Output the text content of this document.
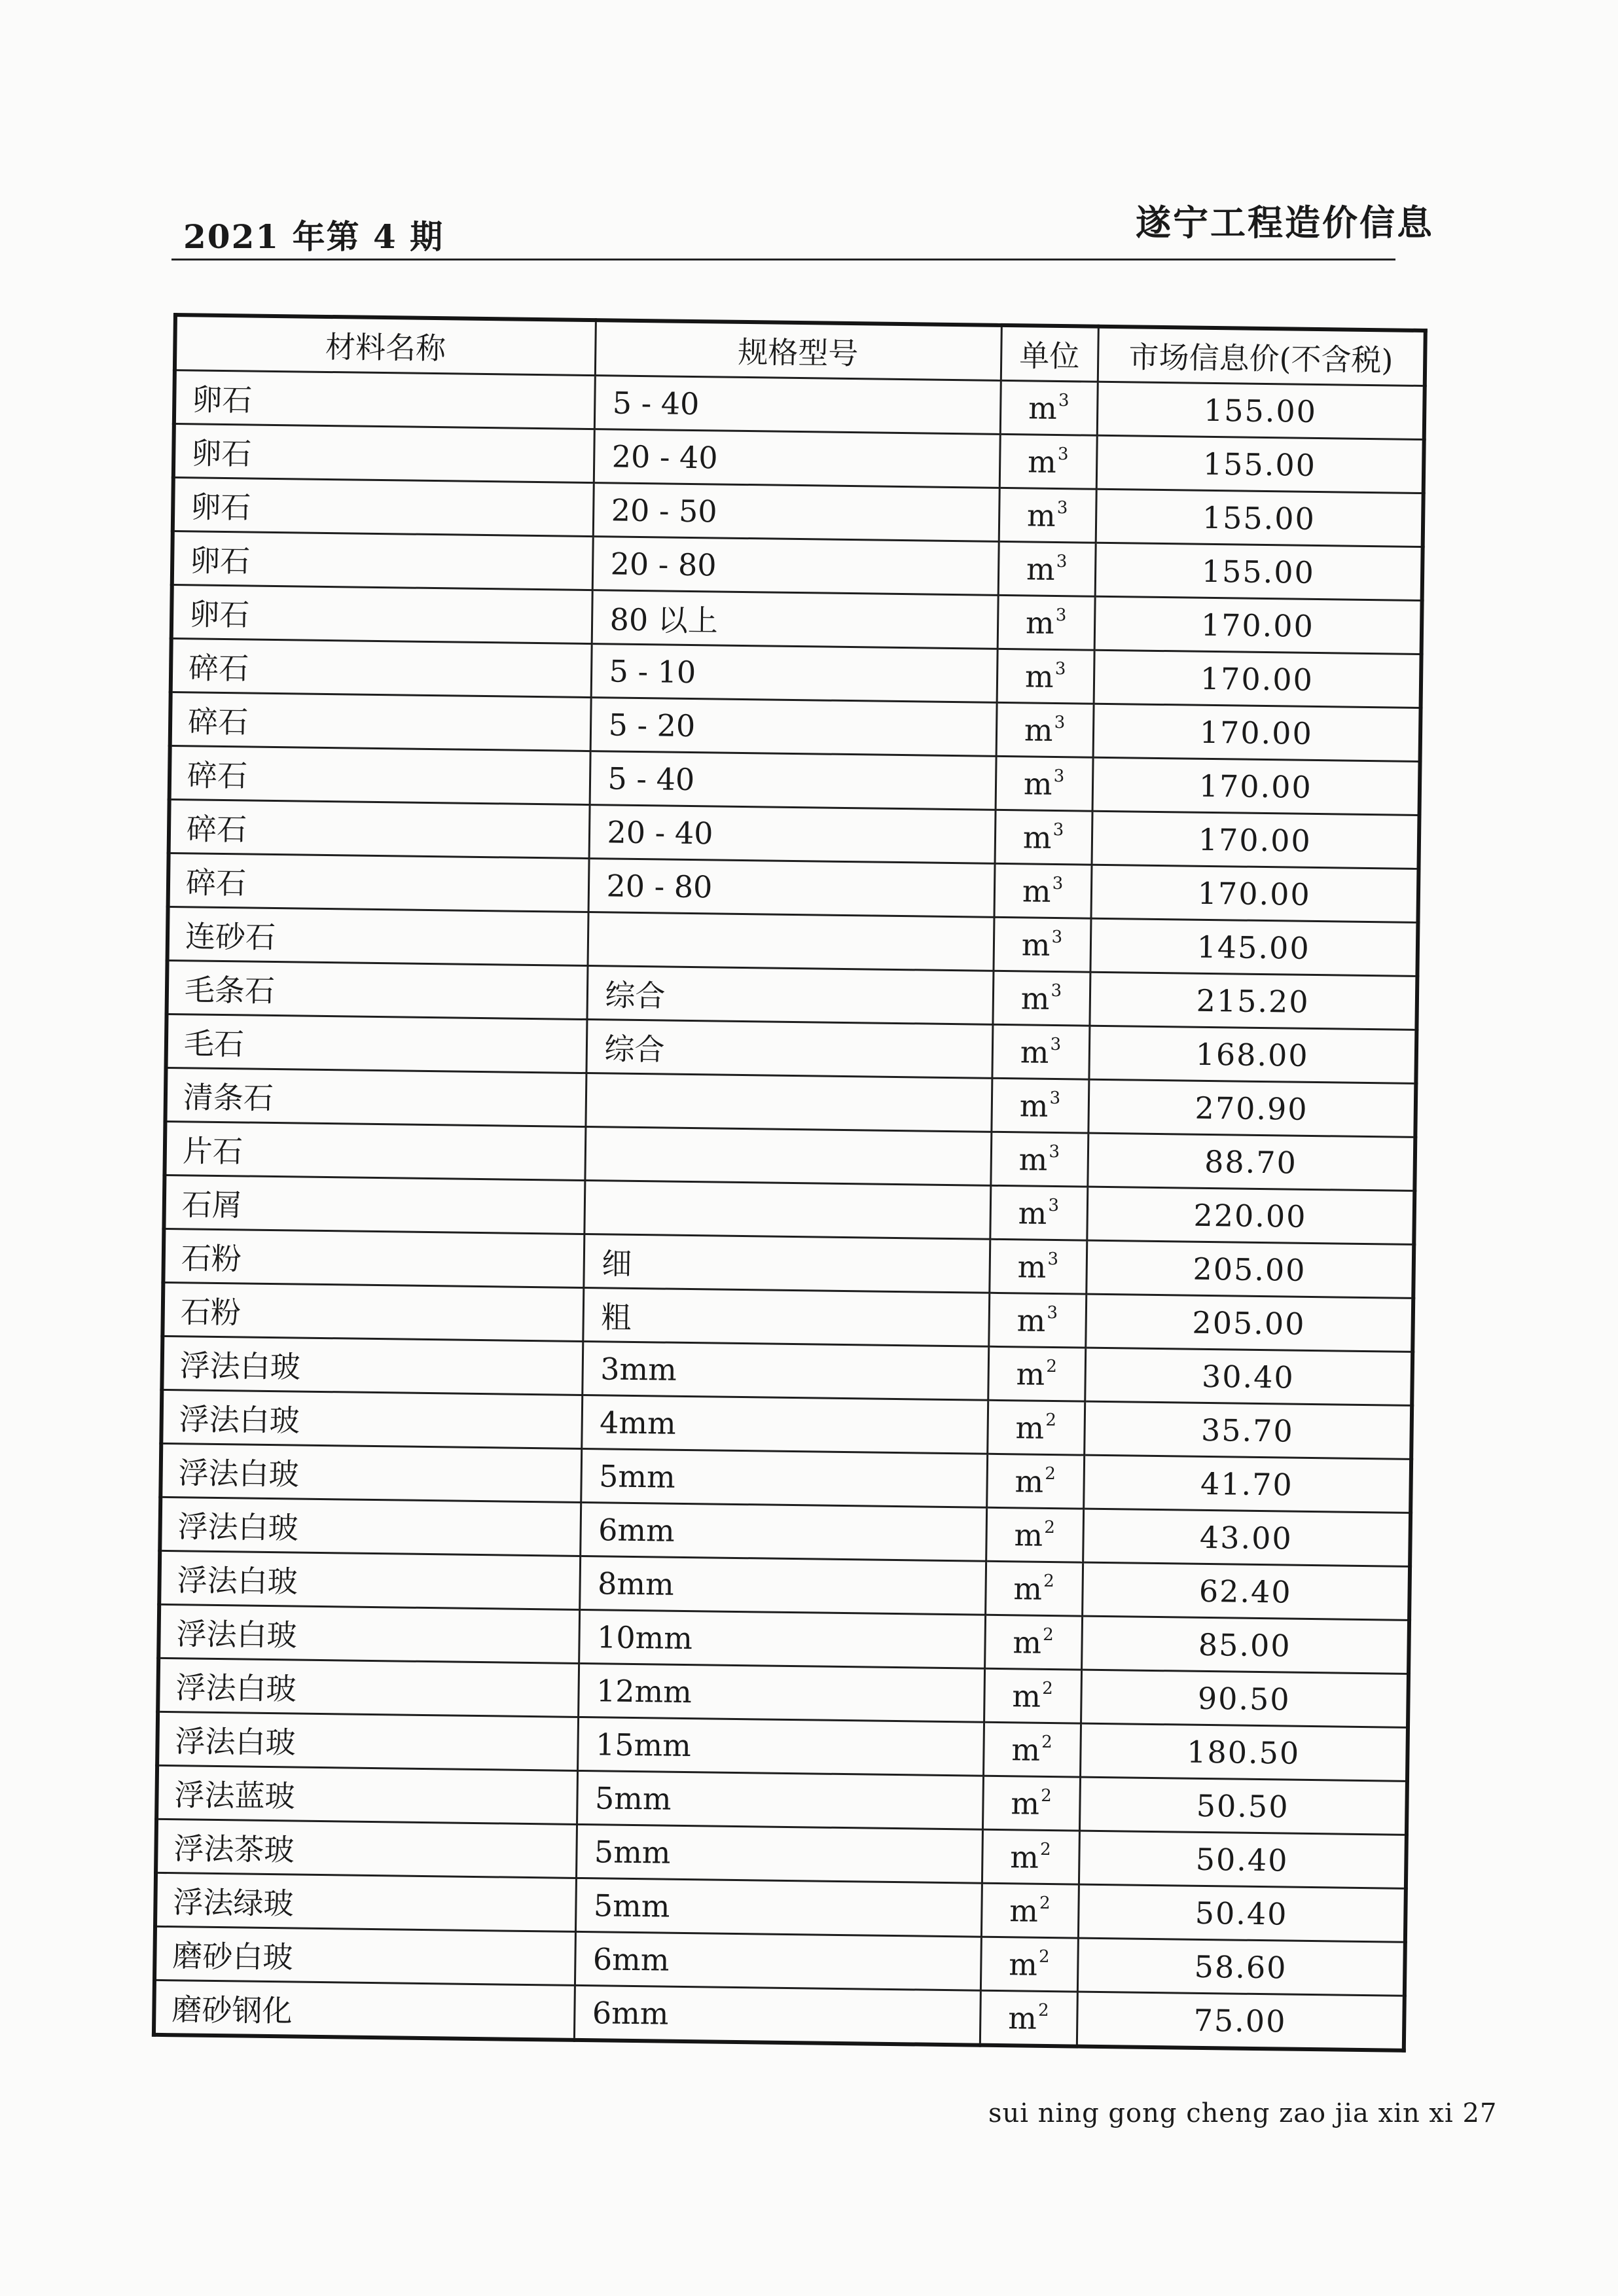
2021 年第 4 期	遂宁工程造价信息
材料名称	规格型号	单位	市场信息价(不含税)
卵石	5 - 40	$m^3$	155.00
卵石	20 - 40	$m^3$	155.00
卵石	20 - 50	$m^3$	155.00
卵石	20 - 80	$m^3$	155.00
卵石	80 以上	$m^3$	170.00
碎石	5 - 10	$m^3$	170.00
碎石	5 - 20	$m^3$	170.00
碎石	5 - 40	$m^3$	170.00
碎石	20 - 40	$m^3$	170.00
碎石	20 - 80	$m^3$	170.00
连砂石		$m^3$	145.00
毛条石	综合	$m^3$	215.20
毛石	综合	$m^3$	168.00
清条石		$m^3$	270.90
片石		$m^3$	88.70
石屑		$m^3$	220.00
石粉	细	$m^3$	205.00
石粉	粗	$m^3$	205.00
浮法白玻	3mm	$m^2$	30.40
浮法白玻	4mm	$m^2$	35.70
浮法白玻	5mm	$m^2$	41.70
浮法白玻	6mm	$m^2$	43.00
浮法白玻	8mm	$m^2$	62.40
浮法白玻	10mm	$m^2$	85.00
浮法白玻	12mm	$m^2$	90.50
浮法白玻	15mm	$m^2$	180.50
浮法蓝玻	5mm	$m^2$	50.50
浮法茶玻	5mm	$m^2$	50.40
浮法绿玻	5mm	$m^2$	50.40
磨砂白玻	6mm	$m^2$	58.60
磨砂钢化	6mm	$m^2$	75.00
sui ning gong cheng zao jia xin xi 27
